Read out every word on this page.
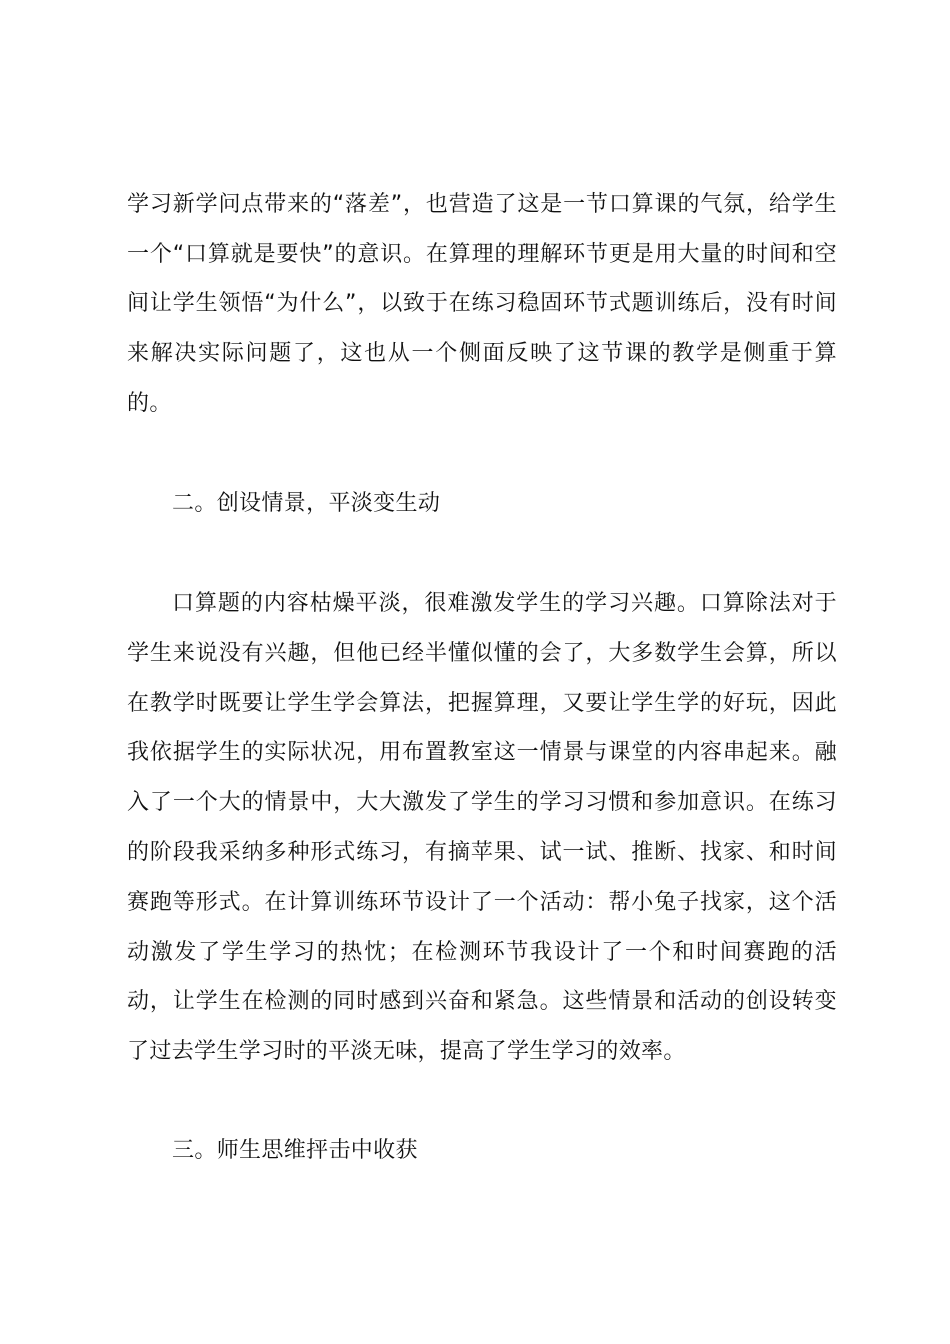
学习新学问点带来的“落差”，也营造了这是一节口算课的气氛，给学生
一个“口算就是要快”的意识。在算理的理解环节更是用大量的时间和空
间让学生领悟“为什么”，以致于在练习稳固环节式题训练后，没有时间
来解决实际问题了，这也从一个侧面反映了这节课的教学是侧重于算
的。
二。创设情景，平淡变生动
口算题的内容枯燥平淡，很难激发学生的学习兴趣。口算除法对于
学生来说没有兴趣，但他已经半懂似懂的会了，大多数学生会算，所以
在教学时既要让学生学会算法，把握算理，又要让学生学的好玩，因此
我依据学生的实际状况，用布置教室这一情景与课堂的内容串起来。融
入了一个大的情景中，大大激发了学生的学习习惯和参加意识。在练习
的阶段我采纳多种形式练习，有摘苹果、试一试、推断、找家、和时间
赛跑等形式。在计算训练环节设计了一个活动：帮小兔子找家，这个活
动激发了学生学习的热忱；在检测环节我设计了一个和时间赛跑的活
动，让学生在检测的同时感到兴奋和紧急。这些情景和活动的创设转变
了过去学生学习时的平淡无味，提高了学生学习的效率。
三。师生思维抨击中收获
